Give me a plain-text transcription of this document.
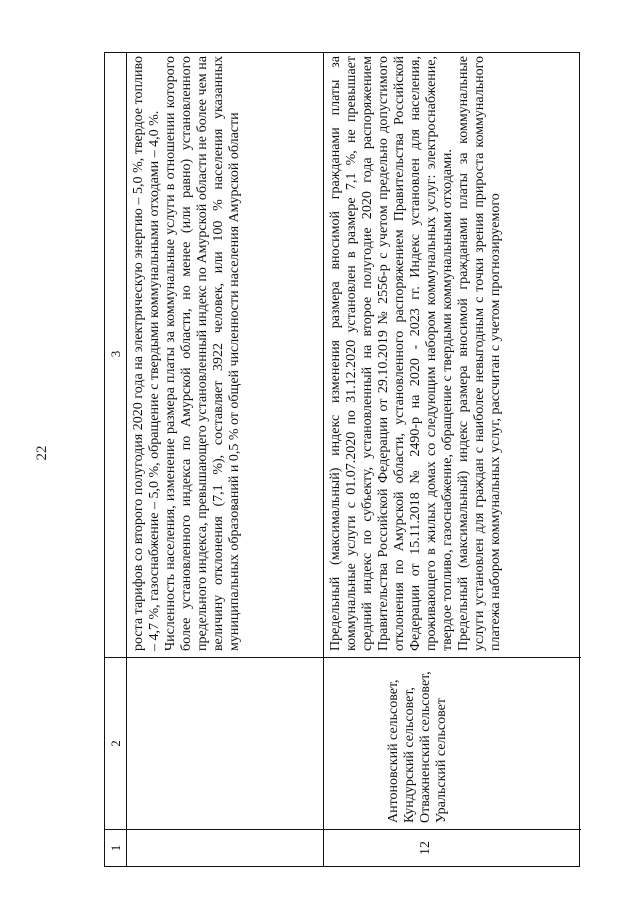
22
1
2
3 роста тарифов со второго полугодия 2020 года на электрическую энергию – 5,0 %, твердое топливо – 4,7 %, газоснабжение – 5,0 %, обращение с твердыми коммунальными отходами – 4,0 %. Численность населения, изменение размера платы за коммунальные услуги в отношении которого более установленного индекса по Амурской области, но менее (или равно) установленного предельного индекса, превышающего установленный индекс по Амурской области не более чем на величину отклонения (7,1 %), составляет 3922 человек, или 100 % населения указанных муниципальных образований и 0,5 % от общей численности населения Амурской области

12
Антоновский сельсовет, Кундурский сельсовет, Отважненский сельсовет, Уральский сельсовет

Предельный (максимальный) индекс изменения размера вносимой гражданами платы за коммунальные услуги с 01.07.2020 по 31.12.2020 установлен в размере 7,1 %, не превышает средний индекс по субъекту, установленный на второе полугодие 2020 года распоряжением Правительства Российской Федерации от 29.10.2019 № 2556-р с учетом предельно допустимого отклонения по Амурской области, установленного распоряжением Правительства Российской Федерации от 15.11.2018 № 2490-р на 2020 - 2023 гг. Индекс установлен для населения, проживающего в жилых домах со следующим набором коммунальных услуг: электроснабжение, твердое топливо, газоснабжение, обращение с твердыми коммунальными отходами. Предельный (максимальный) индекс размера вносимой гражданами платы за коммунальные услуги установлен для граждан с наиболее невыгодным с точки зрения прироста коммунального платежа набором коммунальных услуг, рассчитан с учетом прогнозируемого
